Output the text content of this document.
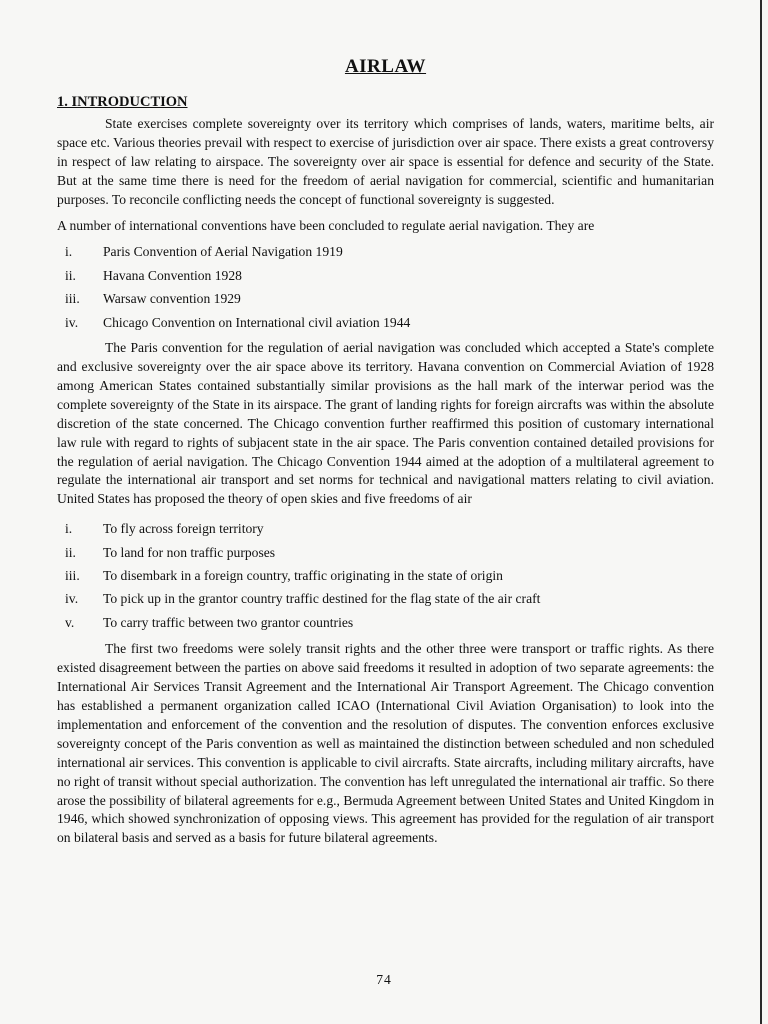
AIRLAW
1. INTRODUCTION

State exercises complete sovereignty over its territory which comprises of lands, waters, maritime belts, air space etc. Various theories prevail with respect to exercise of jurisdiction over air space. There exists a great controversy in respect of law relating to airspace. The sovereignty over air space is essential for defence and security of the State. But at the same time there is need for the freedom of aerial navigation for commercial, scientific and humanitarian purposes. To reconcile conflicting needs the concept of functional sovereignty is suggested.

A number of international conventions have been concluded to regulate aerial navigation. They are

i.	Paris Convention of Aerial Navigation 1919
ii.	Havana Convention 1928
iii.	Warsaw convention 1929
iv.	Chicago Convention on International civil aviation 1944

The Paris convention for the regulation of aerial navigation was concluded which accepted a State's complete and exclusive sovereignty over the air space above its territory. Havana convention on Commercial Aviation of 1928 among American States contained substantially similar provisions as the hall mark of the interwar period was the complete sovereignty of the State in its airspace. The grant of landing rights for foreign aircrafts was within the absolute discretion of the state concerned. The Chicago convention further reaffirmed this position of customary international law rule with regard to rights of subjacent state in the air space. The Paris convention contained detailed provisions for the regulation of aerial navigation. The Chicago Convention 1944 aimed at the adoption of a multilateral agreement to regulate the international air transport and set norms for technical and navigational matters relating to civil aviation. United States has proposed the theory of open skies and five freedoms of air

i.	To fly across foreign territory
ii.	To land for non traffic purposes
iii.	To disembark in a foreign country, traffic originating in the state of origin
iv.	To pick up in the grantor country traffic destined for the flag state of the air craft
v.	To carry traffic between two grantor countries

The first two freedoms were solely transit rights and the other three were transport or traffic rights. As there existed disagreement between the parties on above said freedoms it resulted in adoption of two separate agreements: the International Air Services Transit Agreement and the International Air Transport Agreement. The Chicago convention has established a permanent organization called ICAO (International Civil Aviation Organisation) to look into the implementation and enforcement of the convention and the resolution of disputes. The convention enforces exclusive sovereignty concept of the Paris convention as well as maintained the distinction between scheduled and non scheduled international air services. This convention is applicable to civil aircrafts. State aircrafts, including military aircrafts, have no right of transit without special authorization. The convention has left unregulated the international air traffic. So there arose the possibility of bilateral agreements for e.g., Bermuda Agreement between United States and United Kingdom in 1946, which showed synchronization of opposing views. This agreement has provided for the regulation of air transport on bilateral basis and served as a basis for future bilateral agreements.

74
